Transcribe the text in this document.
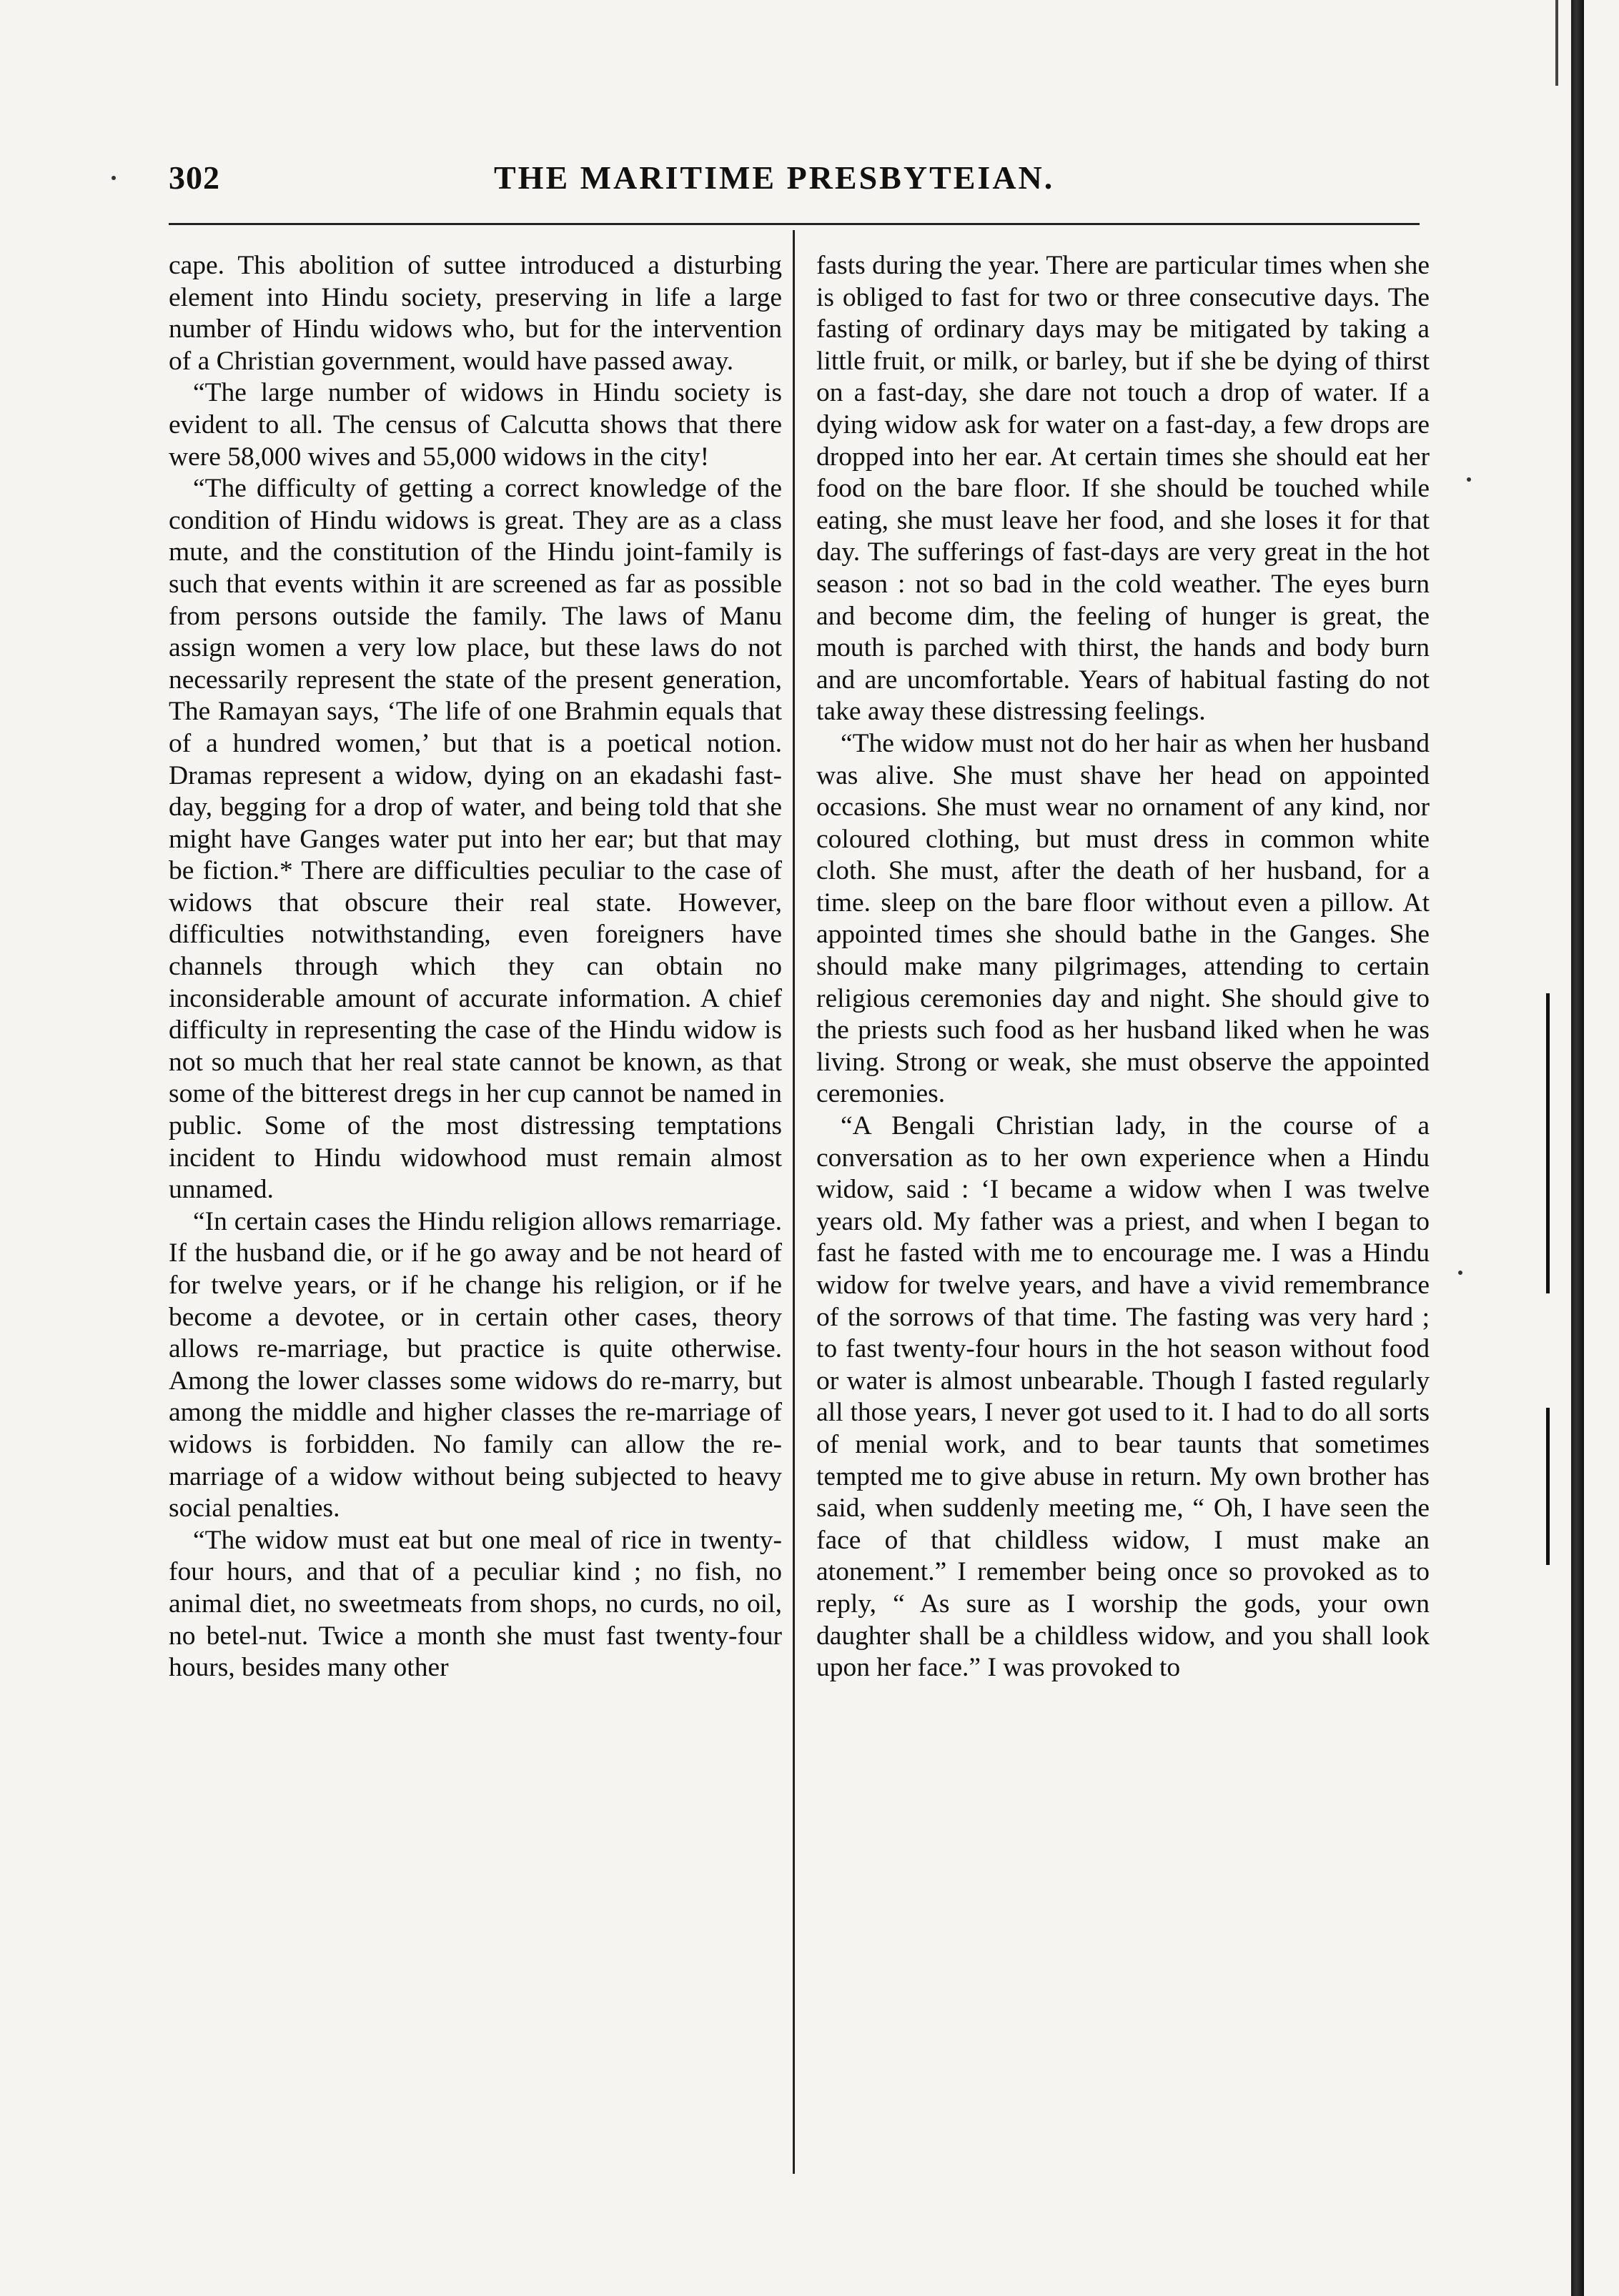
302	THE MARITIME PRESBYTEIAN.

cape. This abolition of suttee introduced a disturbing element into Hindu society, preserving in life a large number of Hindu widows who, but for the intervention of a Christian government, would have passed away.

“The large number of widows in Hindu society is evident to all. The census of Calcutta shows that there were 58,000 wives and 55,000 widows in the city!

“The difficulty of getting a correct knowledge of the condition of Hindu widows is great. They are as a class mute, and the constitution of the Hindu joint-family is such that events within it are screened as far as possible from persons outside the family. The laws of Manu assign women a very low place, but these laws do not necessarily represent the state of the present generation, The Ramayan says, ‘The life of one Brahmin equals that of a hundred women,’ but that is a poetical notion. Dramas represent a widow, dying on an ekadashi fast-day, begging for a drop of water, and being told that she might have Ganges water put into her ear; but that may be fiction.* There are difficulties peculiar to the case of widows that obscure their real state. However, difficulties notwithstanding, even foreigners have channels through which they can obtain no inconsiderable amount of accurate information. A chief difficulty in representing the case of the Hindu widow is not so much that her real state cannot be known, as that some of the bitterest dregs in her cup cannot be named in public. Some of the most distressing temptations incident to Hindu widowhood must remain almost unnamed.

“In certain cases the Hindu religion allows remarriage. If the husband die, or if he go away and be not heard of for twelve years, or if he change his religion, or if he become a devotee, or in certain other cases, theory allows re-marriage, but practice is quite otherwise. Among the lower classes some widows do re-marry, but among the middle and higher classes the re-marriage of widows is forbidden. No family can allow the re-marriage of a widow without being subjected to heavy social penalties.

“The widow must eat but one meal of rice in twenty-four hours, and that of a peculiar kind ; no fish, no animal diet, no sweetmeats from shops, no curds, no oil, no betel-nut. Twice a month she must fast twenty-four hours, besides many other

fasts during the year. There are particular times when she is obliged to fast for two or three consecutive days. The fasting of ordinary days may be mitigated by taking a little fruit, or milk, or barley, but if she be dying of thirst on a fast-day, she dare not touch a drop of water. If a dying widow ask for water on a fast-day, a few drops are dropped into her ear. At certain times she should eat her food on the bare floor. If she should be touched while eating, she must leave her food, and she loses it for that day. The sufferings of fast-days are very great in the hot season : not so bad in the cold weather. The eyes burn and become dim, the feeling of hunger is great, the mouth is parched with thirst, the hands and body burn and are uncomfortable. Years of habitual fasting do not take away these distressing feelings.

“The widow must not do her hair as when her husband was alive. She must shave her head on appointed occasions. She must wear no ornament of any kind, nor coloured clothing, but must dress in common white cloth. She must, after the death of her husband, for a time. sleep on the bare floor without even a pillow. At appointed times she should bathe in the Ganges. She should make many pilgrimages, attending to certain religious ceremonies day and night. She should give to the priests such food as her husband liked when he was living. Strong or weak, she must observe the appointed ceremonies.

“A Bengali Christian lady, in the course of a conversation as to her own experience when a Hindu widow, said : ‘I became a widow when I was twelve years old. My father was a priest, and when I began to fast he fasted with me to encourage me. I was a Hindu widow for twelve years, and have a vivid remembrance of the sorrows of that time. The fasting was very hard ; to fast twenty-four hours in the hot season without food or water is almost unbearable. Though I fasted regularly all those years, I never got used to it. I had to do all sorts of menial work, and to bear taunts that sometimes tempted me to give abuse in return. My own brother has said, when suddenly meeting me, “ Oh, I have seen the face of that childless widow, I must make an atonement.” I remember being once so provoked as to reply, “ As sure as I worship the gods, your own daughter shall be a childless widow, and you shall look upon her face.” I was provoked to
